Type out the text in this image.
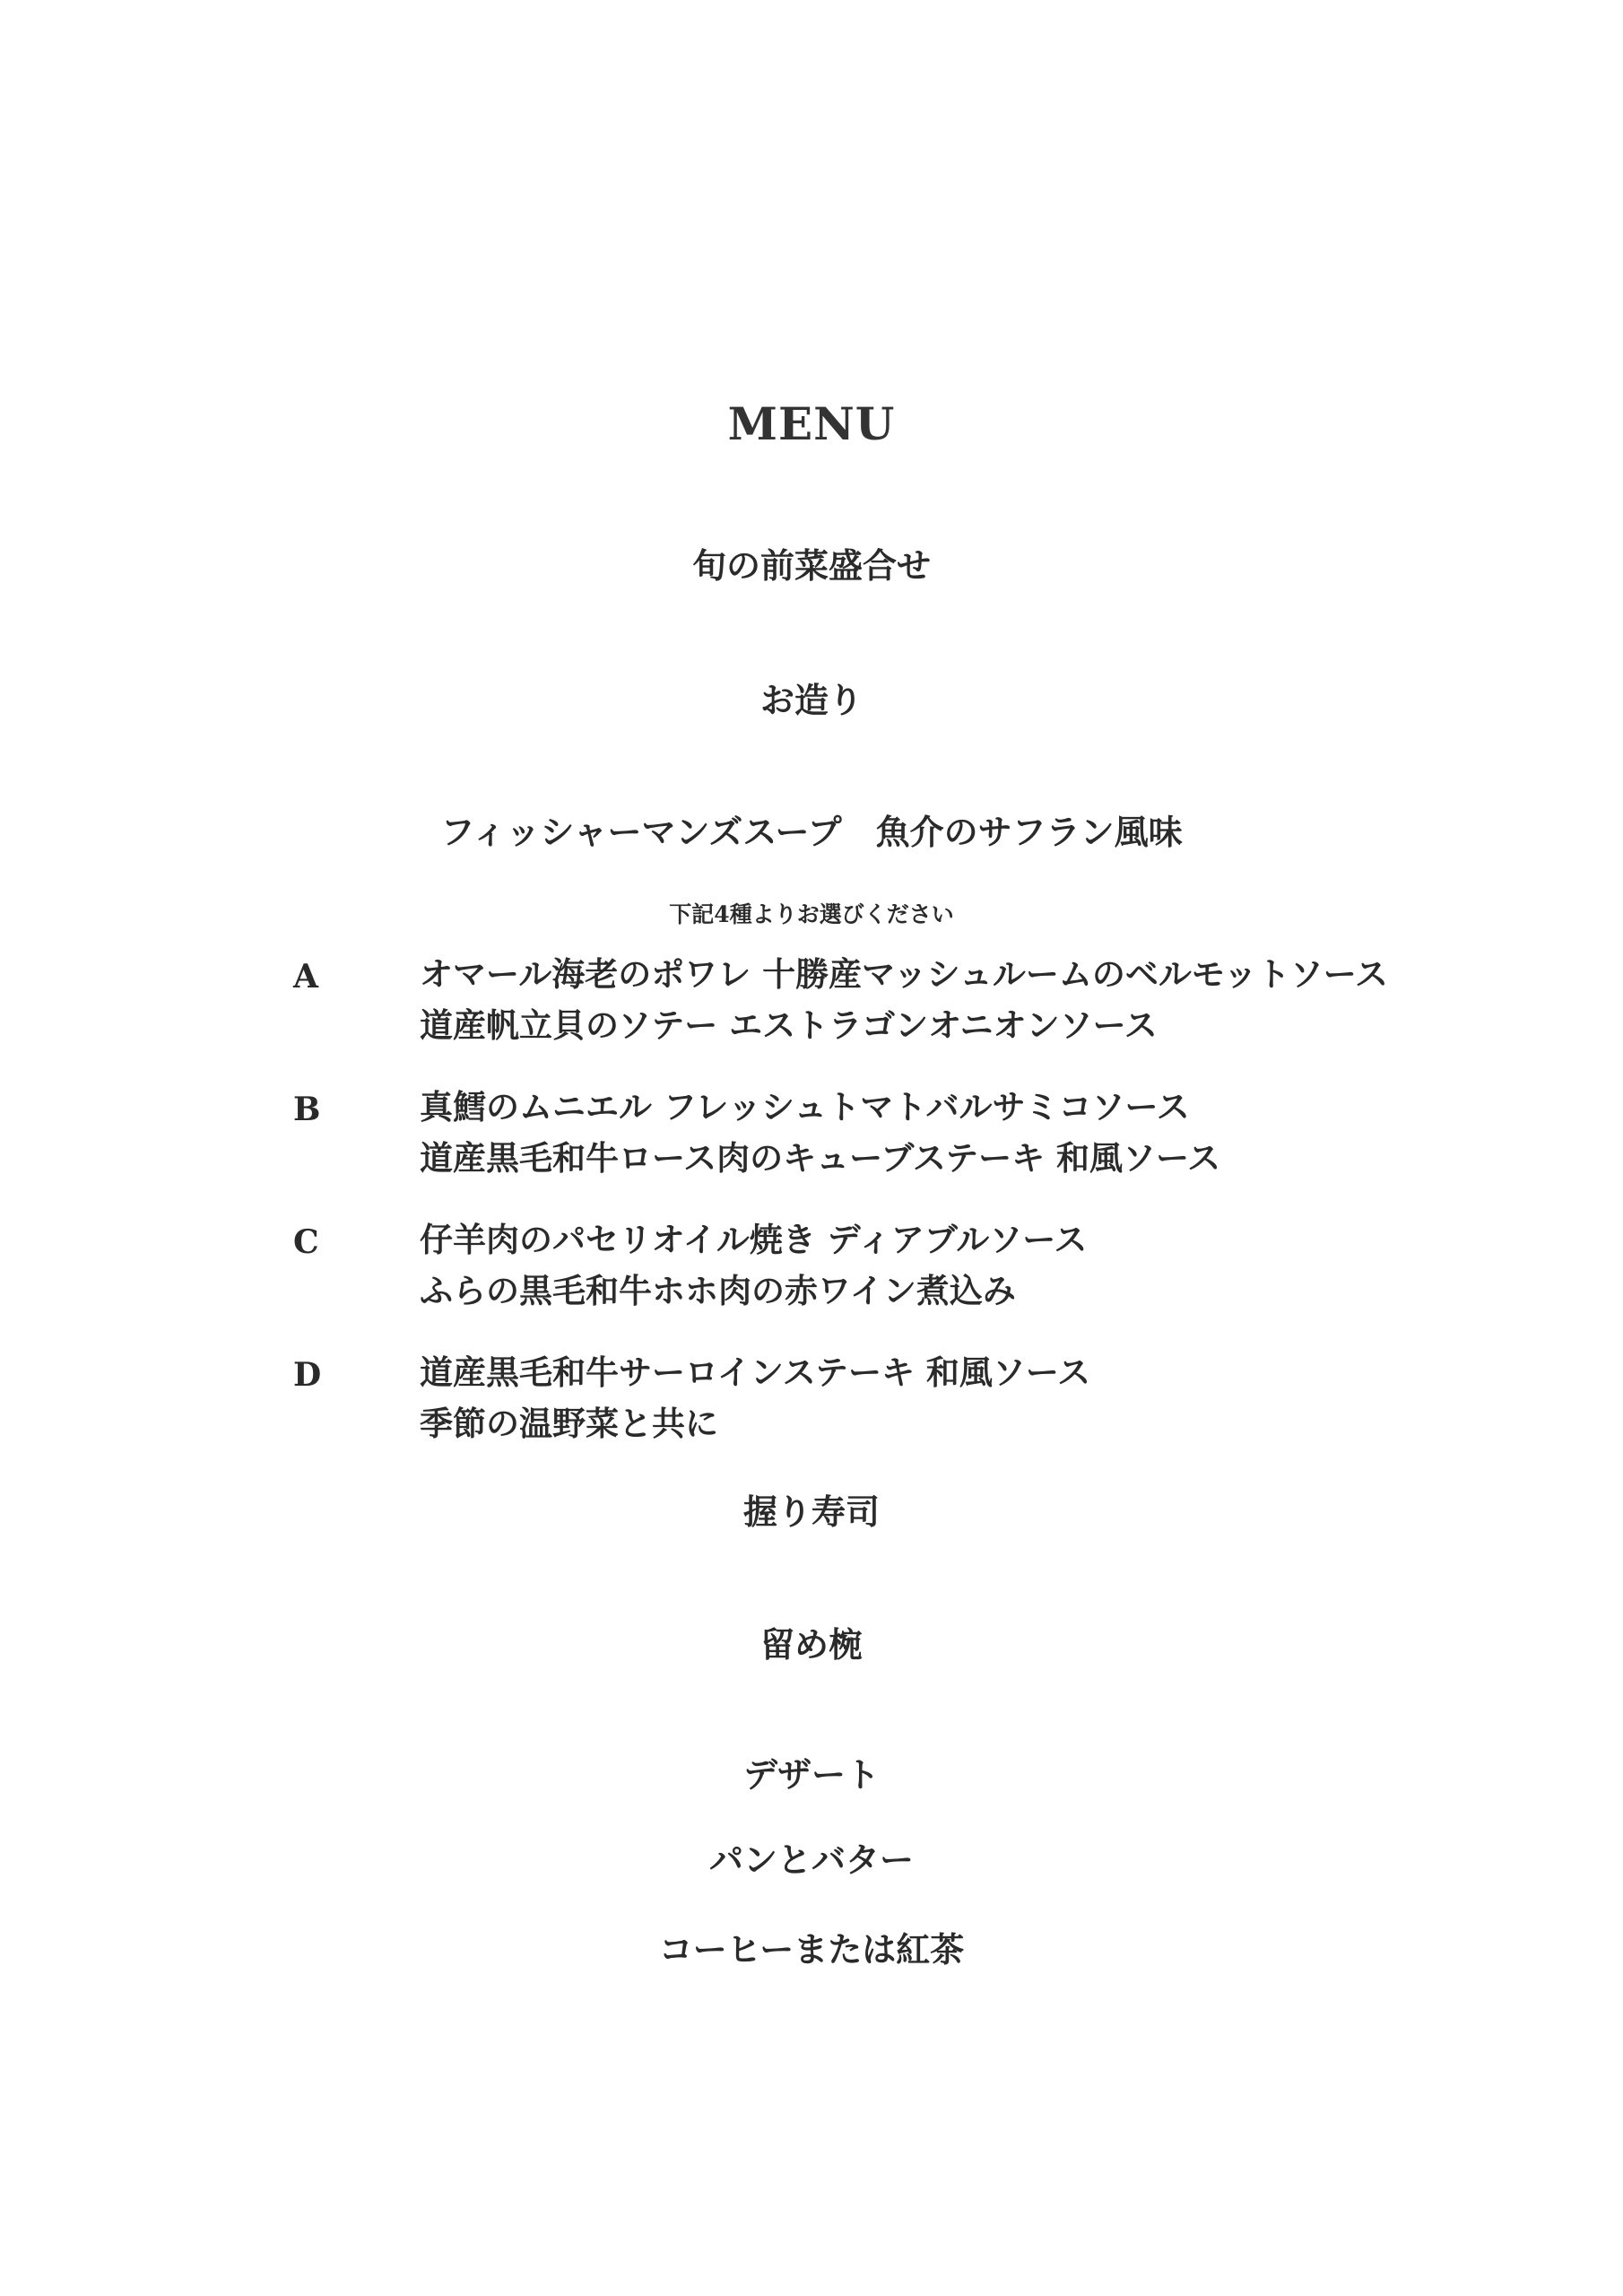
MENU
旬の前菜盛合せ
お造り
フィッシャーマンズスープ　魚介のサフラン風味
下記4種よりお選びください
A	オマール海老のポワレ 十勝産マッシュルームのベルモットソース
道産帆立貝のソテー エストラゴンオニオンソース
B	真鱈のムニエル フレッシュトマトバルサミコソース
道産黒毛和牛ロース肉のキューブステーキ 和風ソース
C	仔羊肉のパセリオイル焼き ディアブルソース
ふらの黒毛和牛ホホ肉の赤ワイン煮込み
D	道産黒毛和牛サーロインステーキ 和風ソース
季節の温野菜と共に
握り寿司
留め椀
デザート
パンとバター
コーヒーまたは紅茶
